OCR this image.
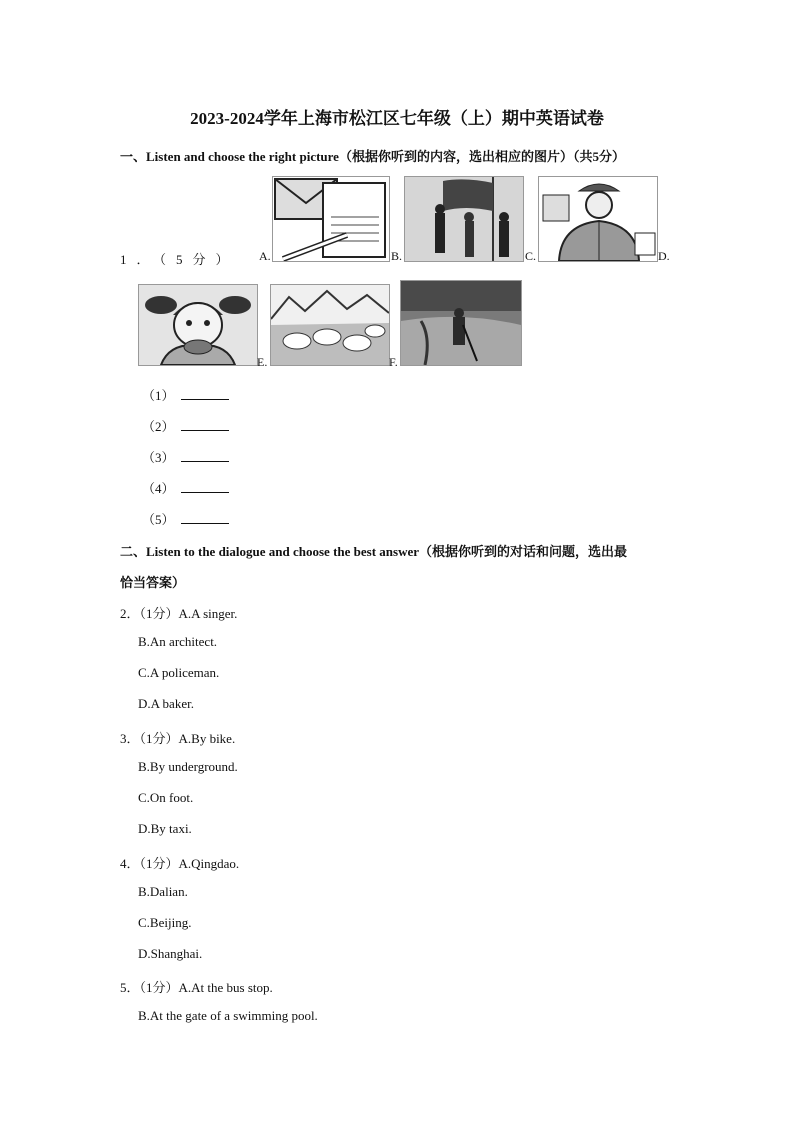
2023-2024学年上海市松江区七年级（上）期中英语试卷
一、Listen and choose the right picture（根据你听到的内容，选出相应的图片）（共5分）
1．（5分） A.	B.	C.	D.
E.	F.
（1）
（2）
（3）
（4）
（5）
二、Listen to the dialogue and choose the best answer（根据你听到的对话和问题，选出最
恰当答案）
2．（1分）A.A singer.
B.An architect.
C.A policeman.
D.A baker.
3．（1分）A.By bike.
B.By underground.
C.On foot.
D.By taxi.
4．（1分）A.Qingdao.
B.Dalian.
C.Beijing.
D.Shanghai.
5．（1分）A.At the bus stop.
B.At the gate of a swimming pool.
